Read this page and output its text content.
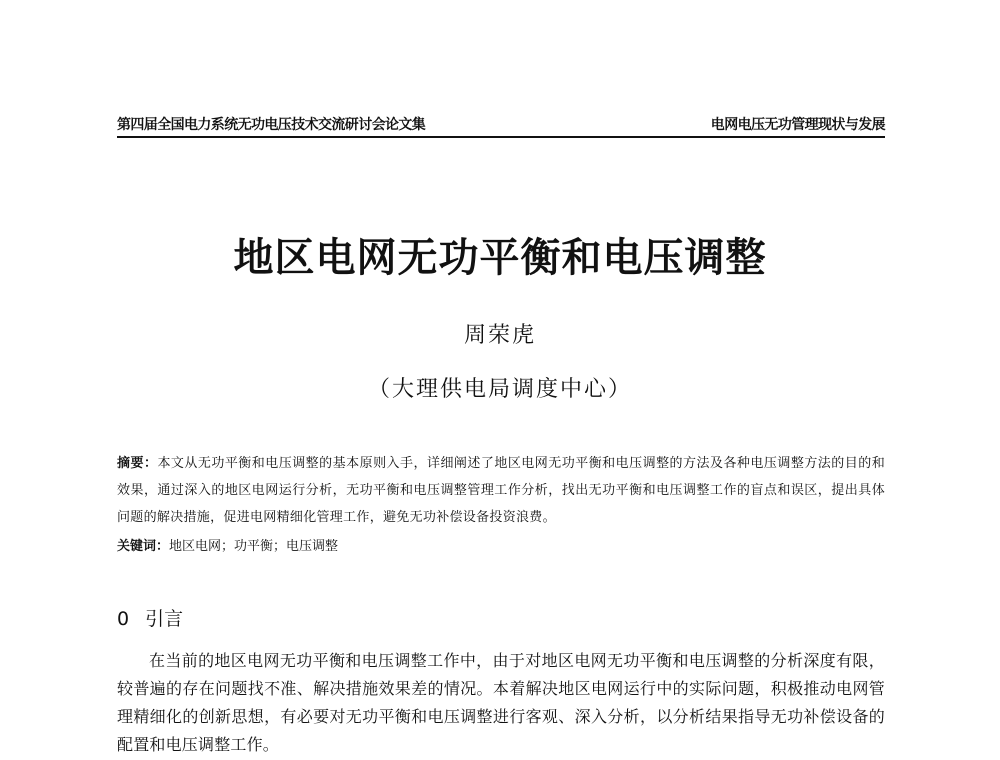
第四届全国电力系统无功电压技术交流研讨会论文集	电网电压无功管理现状与发展
地区电网无功平衡和电压调整
周荣虎
（大理供电局调度中心）
摘要：本文从无功平衡和电压调整的基本原则入手，详细阐述了地区电网无功平衡和电压调整的方法及各种电压调整方法的目的和效果，通过深入的地区电网运行分析，无功平衡和电压调整管理工作分析，找出无功平衡和电压调整工作的盲点和误区，提出具体问题的解决措施，促进电网精细化管理工作，避免无功补偿设备投资浪费。
关键词：地区电网；功平衡；电压调整
0 引言
在当前的地区电网无功平衡和电压调整工作中，由于对地区电网无功平衡和电压调整的分析深度有限，较普遍的存在问题找不准、解决措施效果差的情况。本着解决地区电网运行中的实际问题，积极推动电网管理精细化的创新思想，有必要对无功平衡和电压调整进行客观、深入分析，以分析结果指导无功补偿设备的配置和电压调整工作。
